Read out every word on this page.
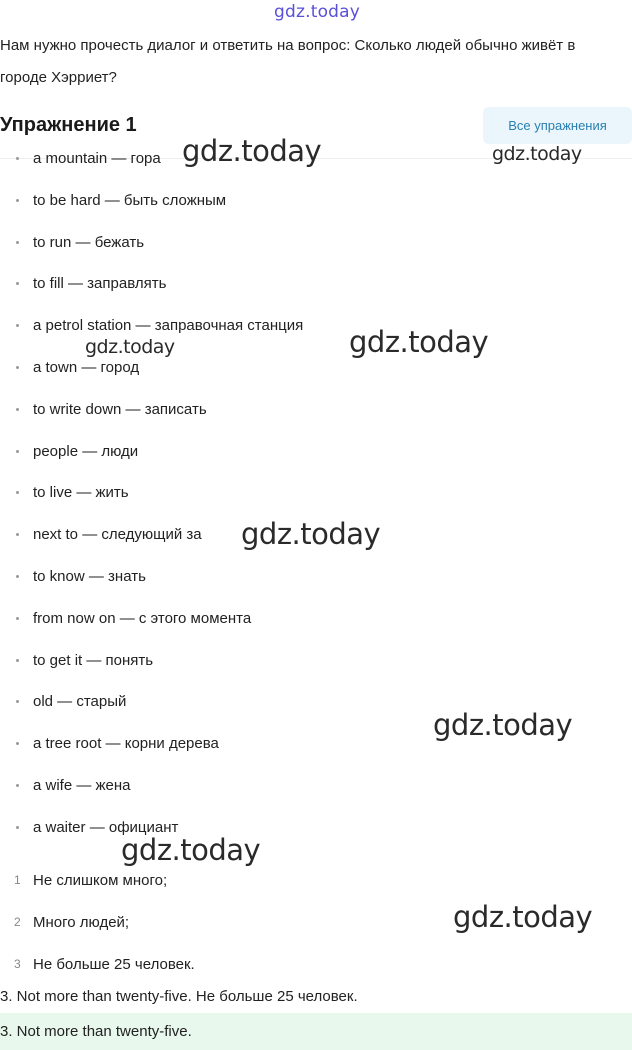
gdz.today
Нам нужно прочесть диалог и ответить на вопрос: Сколько людей обычно живёт в городе Хэрриет?
Упражнение 1	Все упражнения
a mountain — гора
to be hard — быть сложным
to run — бежать
to fill — заправлять
a petrol station — заправочная станция
a town — город
to write down — записать
people — люди
to live — жить
next to — следующий за
to know — знать
from now on — с этого момента
to get it — понять
old — старый
a tree root — корни дерева
a wife — жена
a waiter — официант
1 Не слишком много;
2 Много людей;
3 Не больше 25 человек.
3. Not more than twenty-five. Не больше 25 человек.
3. Not more than twenty-five.
gdz.today	gdz.today
gdz.today
gdz.today
gdz.today
gdz.today
gdz.today
gdz.today
